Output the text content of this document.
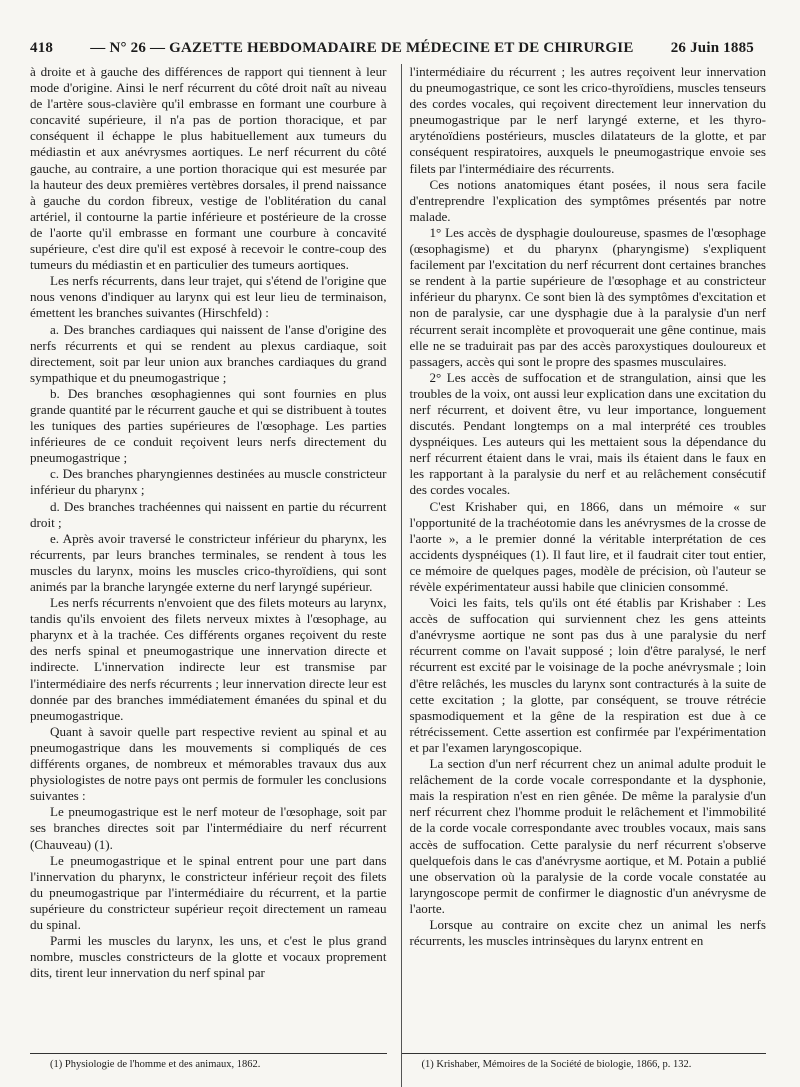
418	— N° 26 — GAZETTE HEBDOMADAIRE DE MÉDECINE ET DE CHIRURGIE	26 Juin 1885

à droite et à gauche des différences de rapport qui tiennent à leur mode d'origine. Ainsi le nerf récurrent du côté droit naît au niveau de l'artère sous-clavière qu'il embrasse en formant une courbure à concavité supérieure, il n'a pas de portion thoracique, et par conséquent il échappe le plus habituellement aux tumeurs du médiastin et aux anévrysmes aortiques. Le nerf récurrent du côté gauche, au contraire, a une portion thoracique qui est mesurée par la hauteur des deux premières vertèbres dorsales, il prend naissance à gauche du cordon fibreux, vestige de l'oblitération du canal artériel, il contourne la partie inférieure et postérieure de la crosse de l'aorte qu'il embrasse en formant une courbure à concavité supérieure, c'est dire qu'il est exposé à recevoir le contre-coup des tumeurs du médiastin et en particulier des tumeurs aortiques.

Les nerfs récurrents, dans leur trajet, qui s'étend de l'origine que nous venons d'indiquer au larynx qui est leur lieu de terminaison, émettent les branches suivantes (Hirschfeld) :

a. Des branches cardiaques qui naissent de l'anse d'origine des nerfs récurrents et qui se rendent au plexus cardiaque, soit directement, soit par leur union aux branches cardiaques du grand sympathique et du pneumogastrique ;

b. Des branches œsophagiennes qui sont fournies en plus grande quantité par le récurrent gauche et qui se distribuent à toutes les tuniques des parties supérieures de l'œsophage. Les parties inférieures de ce conduit reçoivent leurs nerfs directement du pneumogastrique ;

c. Des branches pharyngiennes destinées au muscle constricteur inférieur du pharynx ;

d. Des branches trachéennes qui naissent en partie du récurrent droit ;

e. Après avoir traversé le constricteur inférieur du pharynx, les récurrents, par leurs branches terminales, se rendent à tous les muscles du larynx, moins les muscles crico-thyroïdiens, qui sont animés par la branche laryngée externe du nerf laryngé supérieur.

Les nerfs récurrents n'envoient que des filets moteurs au larynx, tandis qu'ils envoient des filets nerveux mixtes à l'œsophage, au pharynx et à la trachée. Ces différents organes reçoivent du reste des nerfs spinal et pneumogastrique une innervation directe et indirecte. L'innervation indirecte leur est transmise par l'intermédiaire des nerfs récurrents ; leur innervation directe leur est donnée par des branches immédiatement émanées du spinal et du pneumogastrique.

Quant à savoir quelle part respective revient au spinal et au pneumogastrique dans les mouvements si compliqués de ces différents organes, de nombreux et mémorables travaux dus aux physiologistes de notre pays ont permis de formuler les conclusions suivantes :

Le pneumogastrique est le nerf moteur de l'œsophage, soit par ses branches directes soit par l'intermédiaire du nerf récurrent (Chauveau) (1).

Le pneumogastrique et le spinal entrent pour une part dans l'innervation du pharynx, le constricteur inférieur reçoit des filets du pneumogastrique par l'intermédiaire du récurrent, et la partie supérieure du constricteur supérieur reçoit directement un rameau du spinal.

Parmi les muscles du larynx, les uns, et c'est le plus grand nombre, muscles constricteurs de la glotte et vocaux proprement dits, tirent leur innervation du nerf spinal par

(1) Physiologie de l'homme et des animaux, 1862.

l'intermédiaire du récurrent ; les autres reçoivent leur innervation du pneumogastrique, ce sont les crico-thyroïdiens, muscles tenseurs des cordes vocales, qui reçoivent directement leur innervation du pneumogastrique par le nerf laryngé externe, et les thyro-aryténoïdiens postérieurs, muscles dilatateurs de la glotte, et par conséquent respiratoires, auxquels le pneumogastrique envoie ses filets par l'intermédiaire des récurrents.

Ces notions anatomiques étant posées, il nous sera facile d'entreprendre l'explication des symptômes présentés par notre malade.

1° Les accès de dysphagie douloureuse, spasmes de l'œsophage (œsophagisme) et du pharynx (pharyngisme) s'expliquent facilement par l'excitation du nerf récurrent dont certaines branches se rendent à la partie supérieure de l'œsophage et au constricteur inférieur du pharynx. Ce sont bien là des symptômes d'excitation et non de paralysie, car une dysphagie due à la paralysie d'un nerf récurrent serait incomplète et provoquerait une gêne continue, mais elle ne se traduirait pas par des accès paroxystiques douloureux et passagers, accès qui sont le propre des spasmes musculaires.

2° Les accès de suffocation et de strangulation, ainsi que les troubles de la voix, ont aussi leur explication dans une excitation du nerf récurrent, et doivent être, vu leur importance, longuement discutés. Pendant longtemps on a mal interprété ces troubles dyspnéiques. Les auteurs qui les mettaient sous la dépendance du nerf récurrent étaient dans le vrai, mais ils étaient dans le faux en les rapportant à la paralysie du nerf et au relâchement consécutif des cordes vocales.

C'est Krishaber qui, en 1866, dans un mémoire « sur l'opportunité de la trachéotomie dans les anévrysmes de la crosse de l'aorte », a le premier donné la véritable interprétation de ces accidents dyspnéiques (1). Il faut lire, et il faudrait citer tout entier, ce mémoire de quelques pages, modèle de précision, où l'auteur se révèle expérimentateur aussi habile que clinicien consommé.

Voici les faits, tels qu'ils ont été établis par Krishaber : Les accès de suffocation qui surviennent chez les gens atteints d'anévrysme aortique ne sont pas dus à une paralysie du nerf récurrent comme on l'avait supposé ; loin d'être paralysé, le nerf récurrent est excité par le voisinage de la poche anévrysmale ; loin d'être relâchés, les muscles du larynx sont contracturés à la suite de cette excitation ; la glotte, par conséquent, se trouve rétrécie spasmodiquement et la gêne de la respiration est due à ce rétrécissement. Cette assertion est confirmée par l'expérimentation et par l'examen laryngoscopique.

La section d'un nerf récurrent chez un animal adulte produit le relâchement de la corde vocale correspondante et la dysphonie, mais la respiration n'est en rien gênée. De même la paralysie d'un nerf récurrent chez l'homme produit le relâchement et l'immobilité de la corde vocale correspondante avec troubles vocaux, mais sans accès de suffocation. Cette paralysie du nerf récurrent s'observe quelquefois dans le cas d'anévrysme aortique, et M. Potain a publié une observation où la paralysie de la corde vocale constatée au laryngoscope permit de confirmer le diagnostic d'un anévrysme de l'aorte.

Lorsque au contraire on excite chez un animal les nerfs récurrents, les muscles intrinsèques du larynx entrent en

(1) Krishaber, Mémoires de la Société de biologie, 1866, p. 132.
